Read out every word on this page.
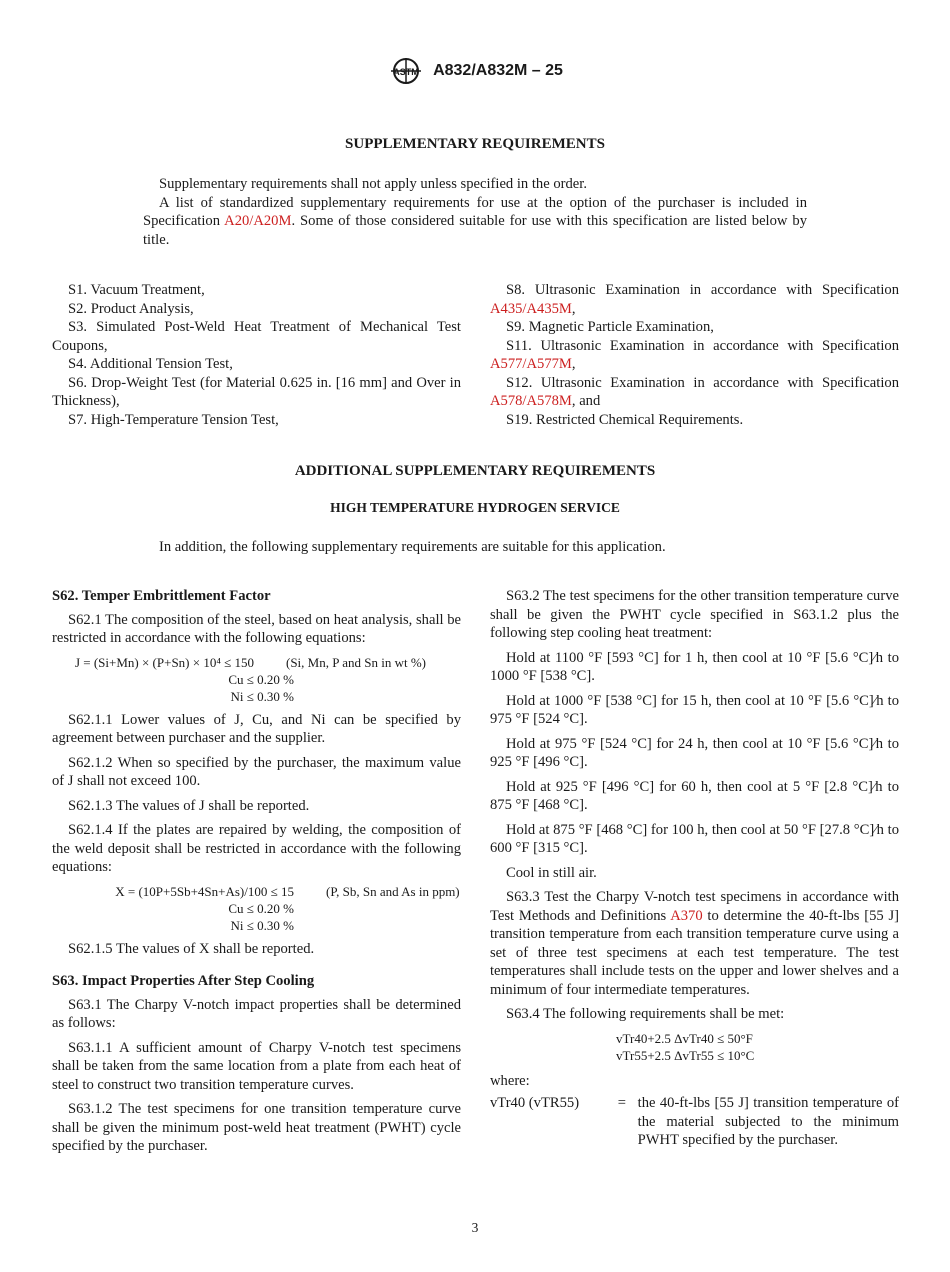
ASTM A832/A832M – 25
SUPPLEMENTARY REQUIREMENTS

Supplementary requirements shall not apply unless specified in the order.

A list of standardized supplementary requirements for use at the option of the purchaser is included in Specification A20/A20M. Some of those considered suitable for use with this specification are listed below by title.

S1. Vacuum Treatment,

S2. Product Analysis,

S3. Simulated Post-Weld Heat Treatment of Mechanical Test Coupons,

S4. Additional Tension Test,

S6. Drop-Weight Test (for Material 0.625 in. [16 mm] and Over in Thickness),

S7. High-Temperature Tension Test,

S8. Ultrasonic Examination in accordance with Specification A435/A435M,

S9. Magnetic Particle Examination,

S11. Ultrasonic Examination in accordance with Specification A577/A577M,

S12. Ultrasonic Examination in accordance with Specification A578/A578M, and

S19. Restricted Chemical Requirements.

ADDITIONAL SUPPLEMENTARY REQUIREMENTS
HIGH TEMPERATURE HYDROGEN SERVICE

In addition, the following supplementary requirements are suitable for this application.

S62. Temper Embrittlement Factor

S62.1 The composition of the steel, based on heat analysis, shall be restricted in accordance with the following equations:

J = (Si+Mn) × (P+Sn) × 10⁴ ≤ 150	(Si, Mn, P and Sn in wt %)
Cu ≤ 0.20 %
Ni ≤ 0.30 %

S62.1.1 Lower values of J, Cu, and Ni can be specified by agreement between purchaser and the supplier.

S62.1.2 When so specified by the purchaser, the maximum value of J shall not exceed 100.

S62.1.3 The values of J shall be reported.

S62.1.4 If the plates are repaired by welding, the composition of the weld deposit shall be restricted in accordance with the following equations:

X = (10P+5Sb+4Sn+As)/100 ≤ 15	(P, Sb, Sn and As in ppm)
Cu ≤ 0.20 %
Ni ≤ 0.30 %

S62.1.5 The values of X shall be reported.

S63. Impact Properties After Step Cooling

S63.1 The Charpy V-notch impact properties shall be determined as follows:

S63.1.1 A sufficient amount of Charpy V-notch test specimens shall be taken from the same location from a plate from each heat of steel to construct two transition temperature curves.

S63.1.2 The test specimens for one transition temperature curve shall be given the minimum post-weld heat treatment (PWHT) cycle specified by the purchaser.

S63.2 The test specimens for the other transition temperature curve shall be given the PWHT cycle specified in S63.1.2 plus the following step cooling heat treatment:

Hold at 1100 °F [593 °C] for 1 h, then cool at 10 °F [5.6 °C]⁄h to 1000 °F [538 °C].

Hold at 1000 °F [538 °C] for 15 h, then cool at 10 °F [5.6 °C]⁄h to 975 °F [524 °C].

Hold at 975 °F [524 °C] for 24 h, then cool at 10 °F [5.6 °C]⁄h to 925 °F [496 °C].

Hold at 925 °F [496 °C] for 60 h, then cool at 5 °F [2.8 °C]⁄h to 875 °F [468 °C].

Hold at 875 °F [468 °C] for 100 h, then cool at 50 °F [27.8 °C]⁄h to 600 °F [315 °C].

Cool in still air.

S63.3 Test the Charpy V-notch test specimens in accordance with Test Methods and Definitions A370 to determine the 40-ft-lbs [55 J] transition temperature from each transition temperature curve using a set of three test specimens at each test temperature. The test temperatures shall include tests on the upper and lower shelves and a minimum of four intermediate temperatures.

S63.4 The following requirements shall be met:

vTr40+2.5 ΔvTr40 ≤ 50°F
vTr55+2.5 ΔvTr55 ≤ 10°C

where:

vTr40 (vTR55)	= the 40-ft-lbs [55 J] transition temperature of the material subjected to the minimum PWHT specified by the purchaser.

3
